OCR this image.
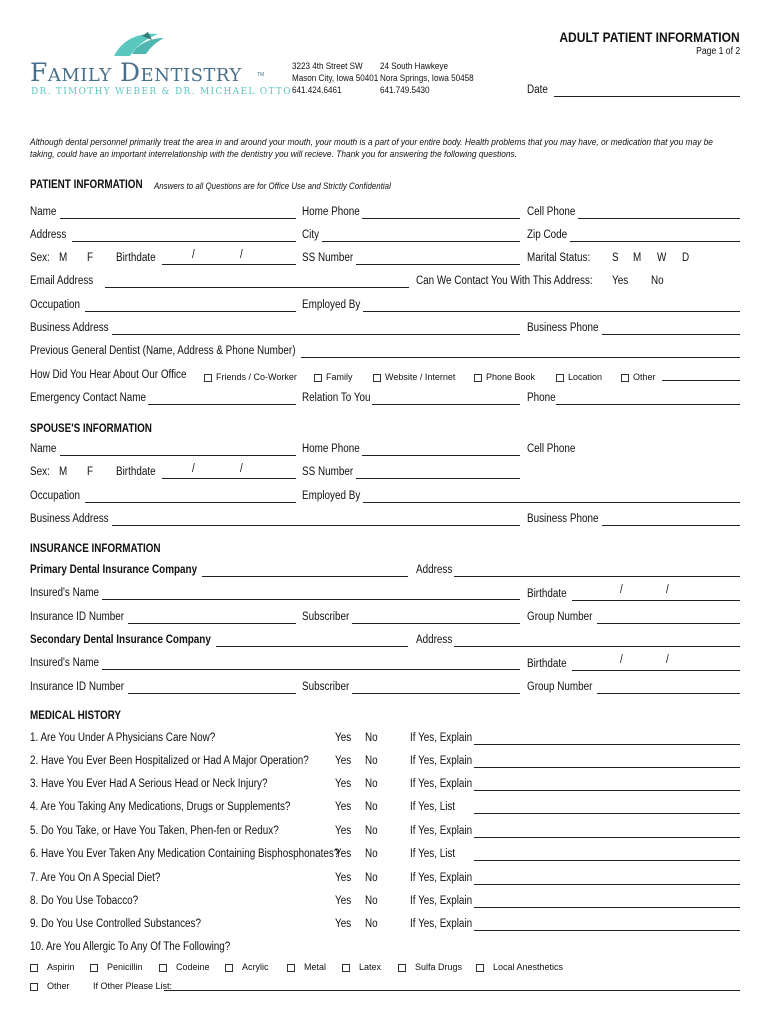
Family Dentistry	TM
DR. TIMOTHY WEBER & DR. MICHAEL OTTO
3223 4th Street SW
Mason City, Iowa 50401
641.424.6461
24 South Hawkeye
Nora Springs, Iowa 50458
641.749.5430
ADULT PATIENT INFORMATION
Page 1 of 2
Date
Although dental personnel primarily treat the area in and around your mouth, your mouth is a part of your entire body. Health problems that you may have, or medication that you may be taking, could have an important interrelationship with the dentistry you will recieve. Thank you for answering the following questions.
PATIENT INFORMATION Answers to all Questions are for Office Use and Strictly Confidential
Name	Home Phone	Cell Phone
Address	City	Zip Code
Sex: M F Birthdate	/	/	SS Number	Marital Status: S M W D
Email Address	Can We Contact You With This Address: Yes No
Occupation	Employed By
Business Address	Business Phone
Previous General Dentist (Name, Address & Phone Number)
How Did You Hear About Our Office	Friends / Co-Worker	Family	Website / Internet	Phone Book	Location	Other
Emergency Contact Name	Relation To You	Phone
SPOUSE'S INFORMATION
Name	Home Phone	Cell Phone
Sex: M F Birthdate	/	/	SS Number
Occupation	Employed By
Business Address	Business Phone
INSURANCE INFORMATION
Primary Dental Insurance Company	Address
Insured's Name	Birthdate	/	/
Insurance ID Number	Subscriber	Group Number
Secondary Dental Insurance Company	Address
Insured's Name	Birthdate	/	/
Insurance ID Number	Subscriber	Group Number
MEDICAL HISTORY
10. Are You Allergic To Any Of The Following?
Other	If Other Please List:
1. Are You Under A Physicians Care Now?	Yes No	If Yes, Explain
2. Have You Ever Been Hospitalized or Had A Major Operation? Yes No	If Yes, Explain
3. Have You Ever Had A Serious Head or Neck Injury?	Yes No	If Yes, Explain
4. Are You Taking Any Medications, Drugs or Supplements?	Yes No	If Yes, List
5. Do You Take, or Have You Taken, Phen-fen or Redux?	Yes No	If Yes, Explain
6. Have You Ever Taken Any Medication Containing Bisphosphonates?
Yes No	If Yes, List
7. Are You On A Special Diet?	Yes No	If Yes, Explain
8. Do You Use Tobacco?	Yes No	If Yes, Explain
9. Do You Use Controlled Substances?	Yes No	If Yes, Explain
Aspirin	Penicillin	Codeine	Acrylic	Metal	Latex	Sulfa Drugs	Local Anesthetics
